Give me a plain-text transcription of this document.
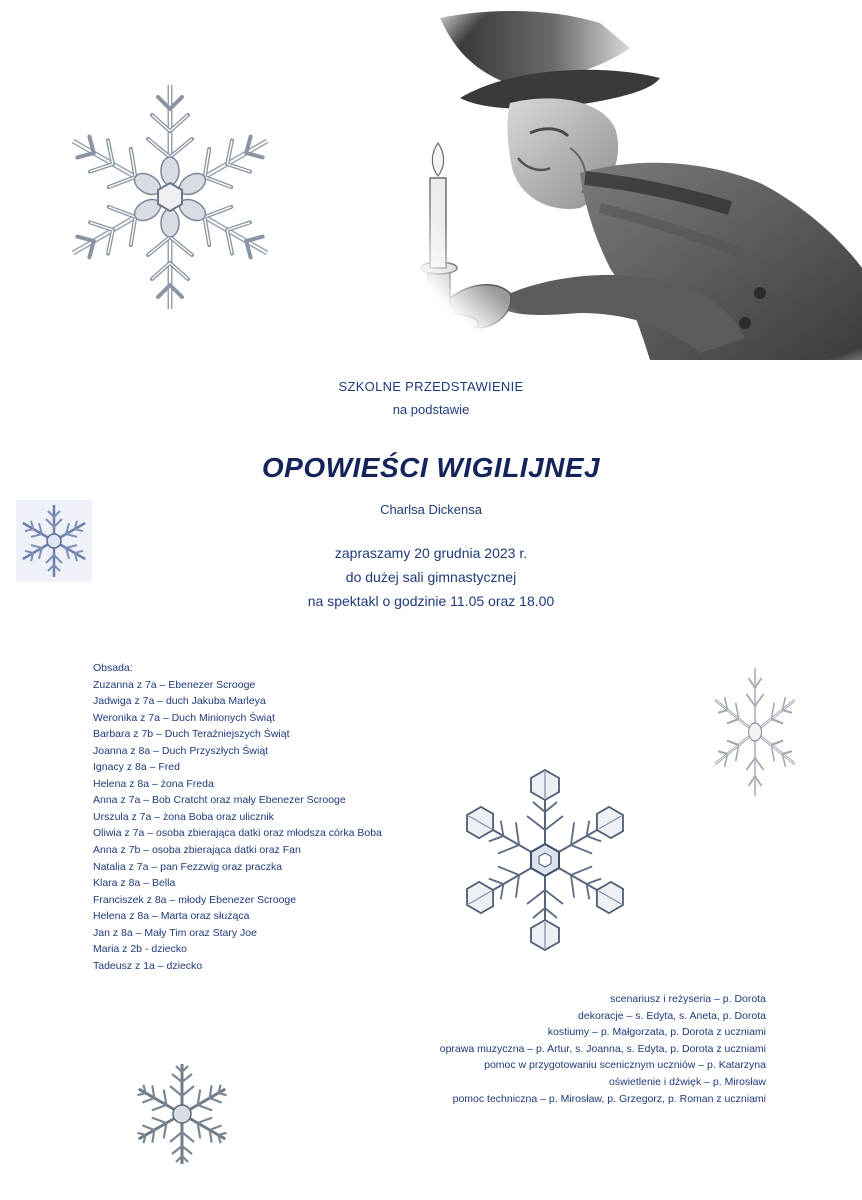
SZKOLNE PRZEDSTAWIENIE
na podstawie
OPOWIEŚCI WIGILIJNEJ
Charlsa Dickensa
zapraszamy 20 grudnia 2023 r.
do dużej sali gimnastycznej
na spektakl o godzinie 11.05 oraz 18.00
Obsada:
Zuzanna z 7a – Ebenezer Scrooge
Jadwiga z 7a – duch Jakuba Marleya
Weronika z 7a – Duch Minionych Świąt
Barbara z 7b – Duch Teraźniejszych Świąt
Joanna z 8a – Duch Przyszłych Świąt
Ignacy z 8a – Fred
Helena z 8a – żona Freda
Anna z 7a – Bob Cratcht oraz mały Ebenezer Scrooge
Urszula z 7a – żona Boba oraz ulicznik
Oliwia z 7a – osoba zbierająca datki oraz młodsza córka Boba
Anna z 7b – osoba zbierająca datki oraz Fan
Natalia z 7a – pan Fezzwig oraz praczka
Klara z 8a – Bella
Franciszek z 8a – młody Ebenezer Scrooge
Helena z 8a – Marta oraz służąca
Jan z 8a – Mały Tim oraz Stary Joe
Maria z 2b - dziecko
Tadeusz z 1a – dziecko
scenariusz i reżyseria – p. Dorota
dekoracje – s. Edyta, s. Aneta, p. Dorota
kostiumy – p. Małgorzata, p. Dorota z uczniami
oprawa muzyczna – p. Artur, s. Joanna, s. Edyta, p. Dorota z uczniami
pomoc w przygotowaniu scenicznym uczniów – p. Katarzyna
oświetlenie i dźwięk – p. Mirosław
pomoc techniczna – p. Mirosław, p. Grzegorz, p. Roman z uczniami
